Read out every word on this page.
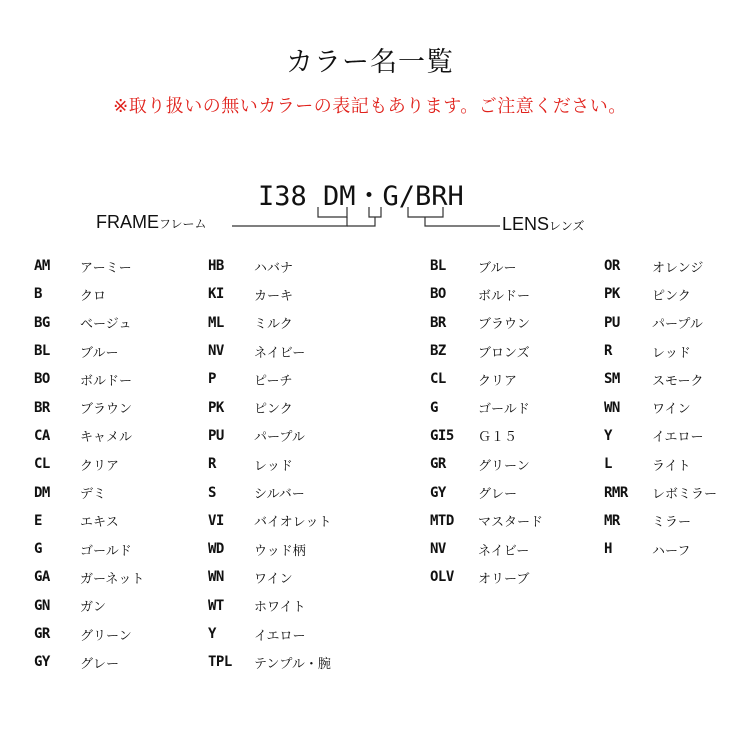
カラー名一覧
※取り扱いの無いカラーの表記もあります。ご注意ください。
I38 DM・G/BRH
FRAMEフレーム	LENSレンズ
AM	アーミー
B	クロ
BG	ベージュ
BL	ブルー
BO	ボルドー
BR	ブラウン
CA	キャメル
CL	クリア
DM	デミ
E	エキス
G	ゴールド
GA	ガーネット
GN	ガン
GR	グリーン
GY	グレー
HB	ハバナ
KI	カーキ
ML	ミルク
NV	ネイビー
P	ピーチ
PK	ピンク
PU	パープル
R	レッド
S	シルバー
VI	バイオレット
WD	ウッド柄
WN	ワイン
WT	ホワイト
Y	イエロー
TPL	テンプル・腕
BL	ブルー
BO	ボルドー
BR	ブラウン
BZ	ブロンズ
CL	クリア
G	ゴールド
GI5	Ｇ１５
GR	グリーン
GY	グレー
MTD	マスタード
NV	ネイビー
OLV	オリーブ
OR	オレンジ
PK	ピンク
PU	パープル
R	レッド
SM	スモーク
WN	ワイン
Y	イエロー
L	ライト
RMR	レボミラー
MR	ミラー
H	ハーフ
